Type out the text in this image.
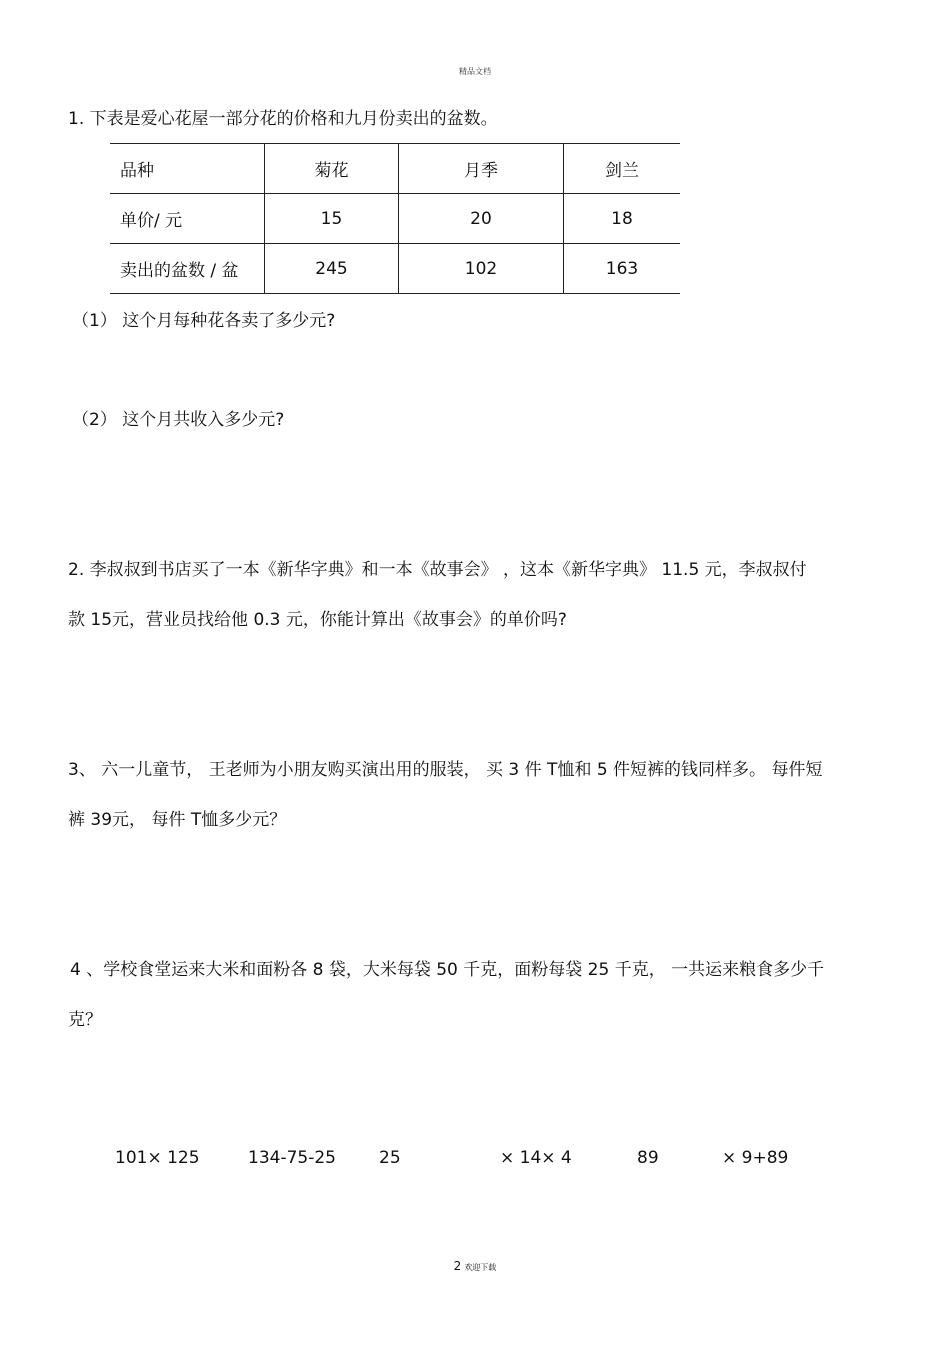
精品文档
1. 下表是爱心花屋一部分花的价格和九月份卖出的盆数。
品种	菊花	月季	剑兰
单价/ 元	15	20	18
卖出的盆数 / 盆	245	102	163
（1） 这个月每种花各卖了多少元?
（2） 这个月共收入多少元?
2. 李叔叔到书店买了一本《新华字典》和一本《故事会》 ，这本《新华字典》 11.5 元，李叔叔付
款 15元，营业员找给他 0.3 元，你能计算出《故事会》的单价吗?
3、 六一儿童节， 王老师为小朋友购买演出用的服装， 买 3 件 T恤和 5 件短裤的钱同样多。 每件短
裤 39元， 每件 T恤多少元？
4 、学校食堂运来大米和面粉各 8 袋，大米每袋 50 千克，面粉每袋 25 千克， 一共运来粮食多少千
克？
101× 125	134-75-25	25	× 14× 4	89	× 9+89
2 欢迎下载
